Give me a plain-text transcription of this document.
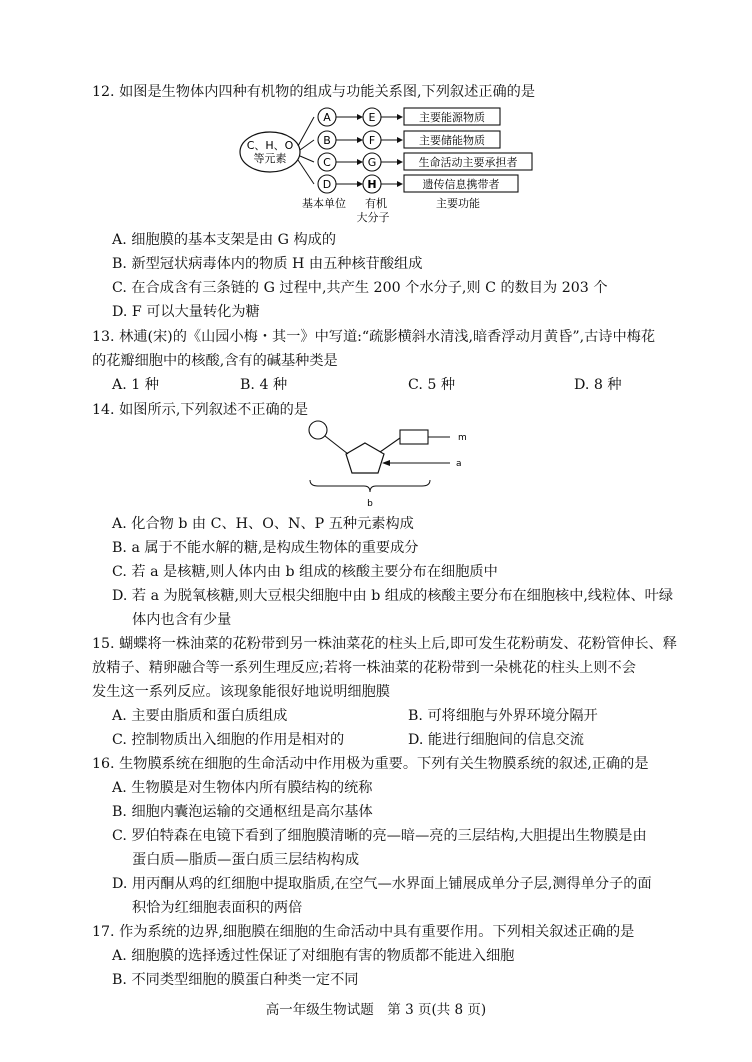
12. 如图是生物体内四种有机物的组成与功能关系图,下列叙述正确的是
C、H、O
等元素
A
B
C
D
E
F
G
H
主要能源物质
主要储能物质
生命活动主要承担者
遗传信息携带者
基本单位 有机
大分子
主要功能
A. 细胞膜的基本支架是由 G 构成的
B. 新型冠状病毒体内的物质 H 由五种核苷酸组成
C. 在合成含有三条链的 G 过程中,共产生 200 个水分子,则 C 的数目为 203 个
D. F 可以大量转化为糖
13. 林逋(宋)的《山园小梅・其一》中写道:“疏影横斜水清浅,暗香浮动月黄昏”,古诗中梅花
的花瓣细胞中的核酸,含有的碱基种类是
A. 1 种	B. 4 种	C. 5 种	D. 8 种
14. 如图所示,下列叙述不正确的是
m
a
b
A. 化合物 b 由 C、H、O、N、P 五种元素构成
B. a 属于不能水解的糖,是构成生物体的重要成分
C. 若 a 是核糖,则人体内由 b 组成的核酸主要分布在细胞质中
D. 若 a 为脱氧核糖,则大豆根尖细胞中由 b 组成的核酸主要分布在细胞核中,线粒体、叶绿
体内也含有少量
15. 蝴蝶将一株油菜的花粉带到另一株油菜花的柱头上后,即可发生花粉萌发、花粉管伸长、释
放精子、精卵融合等一系列生理反应;若将一株油菜的花粉带到一朵桃花的柱头上则不会
发生这一系列反应。该现象能很好地说明细胞膜
A. 主要由脂质和蛋白质组成	B. 可将细胞与外界环境分隔开
C. 控制物质出入细胞的作用是相对的	D. 能进行细胞间的信息交流
16. 生物膜系统在细胞的生命活动中作用极为重要。下列有关生物膜系统的叙述,正确的是
A. 生物膜是对生物体内所有膜结构的统称
B. 细胞内囊泡运输的交通枢纽是高尔基体
C. 罗伯特森在电镜下看到了细胞膜清晰的亮—暗—亮的三层结构,大胆提出生物膜是由
蛋白质—脂质—蛋白质三层结构构成
D. 用丙酮从鸡的红细胞中提取脂质,在空气—水界面上铺展成单分子层,测得单分子的面
积恰为红细胞表面积的两倍
17. 作为系统的边界,细胞膜在细胞的生命活动中具有重要作用。下列相关叙述正确的是
A. 细胞膜的选择透过性保证了对细胞有害的物质都不能进入细胞
B. 不同类型细胞的膜蛋白种类一定不同
高一年级生物试题　第 3 页(共 8 页)
